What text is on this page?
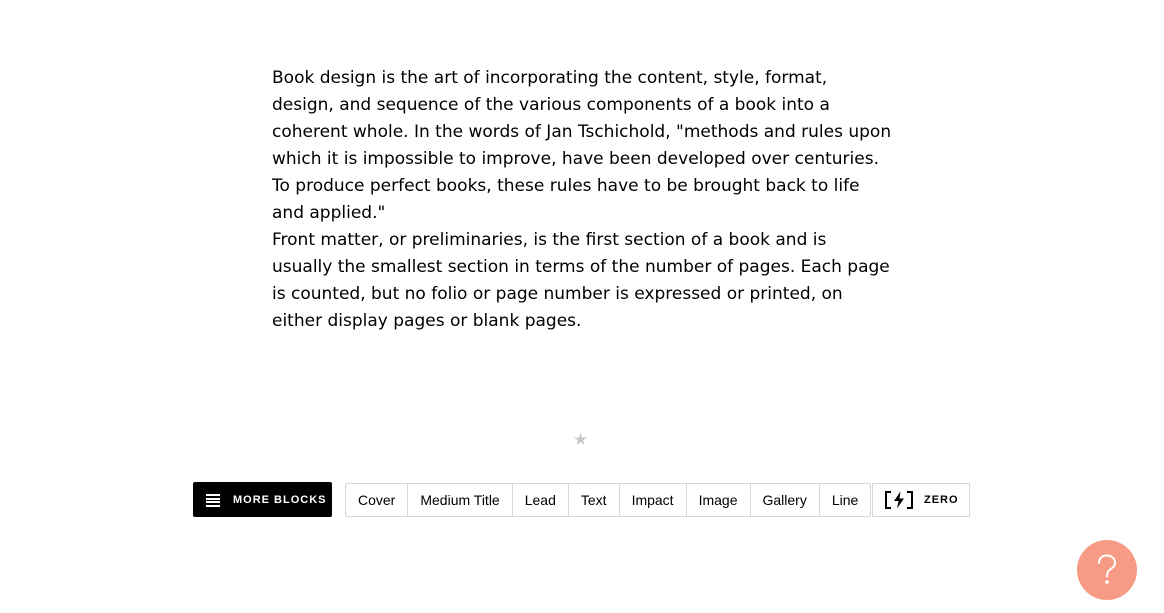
Book design is the art of incorporating the content, style, format, design, and sequence of the various components of a book into a coherent whole. In the words of Jan Tschichold, "methods and rules upon which it is impossible to improve, have been developed over centuries. To produce perfect books, these rules have to be brought back to life and applied."

Front matter, or preliminaries, is the first section of a book and is usually the smallest section in terms of the number of pages. Each page is counted, but no folio or page number is expressed or printed, on either display pages or blank pages.

★
MORE BLOCKS	Cover	Medium Title	Lead	Text	Impact	Image	Gallery	Line	ZERO
